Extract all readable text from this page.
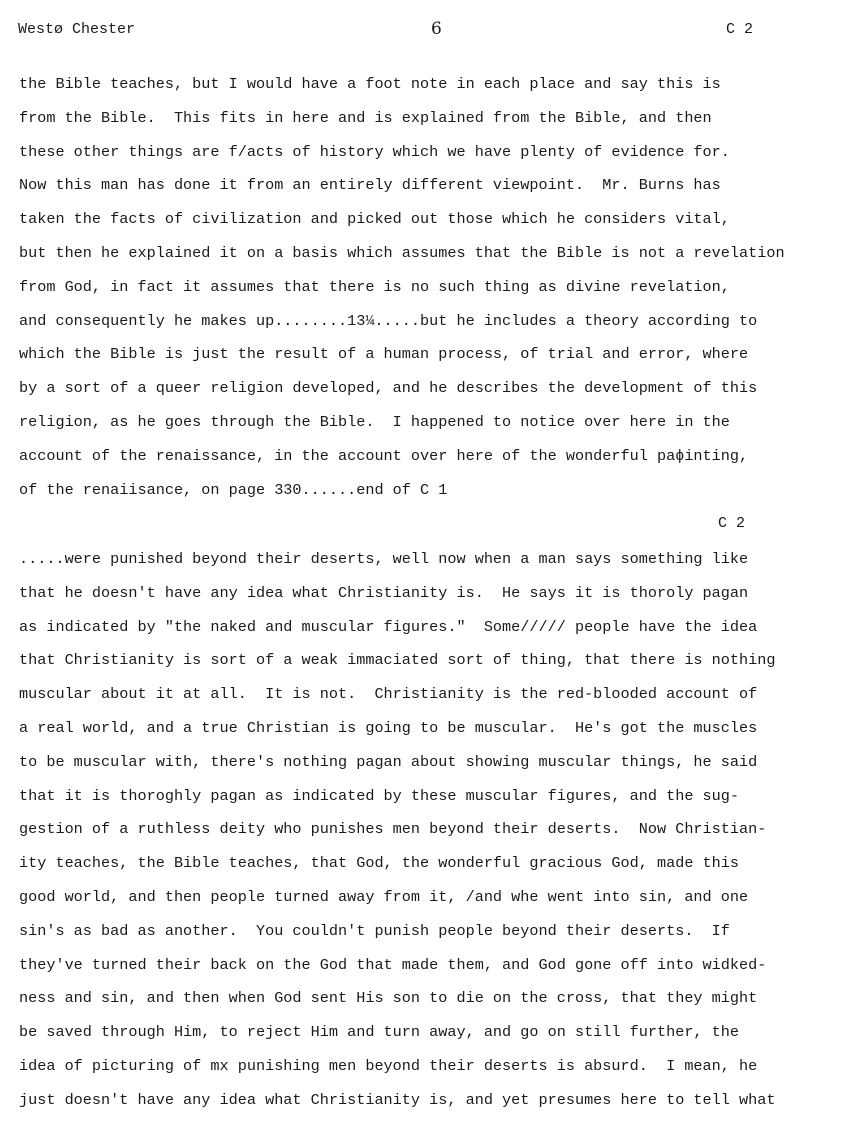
Westø Chester	6	C 2
the Bible teaches, but I would have a foot note in each place and say this is
from the Bible.  This fits in here and is explained from the Bible, and then
these other things are f/acts of history which we have plenty of evidence for.
Now this man has done it from an entirely different viewpoint.  Mr. Burns has
taken the facts of civilization and picked out those which he considers vital,
but then he explained it on a basis which assumes that the Bible is not a revelation
from God, in fact it assumes that there is no such thing as divine revelation,
and consequently he makes up........13¼.....but he includes a theory according to
which the Bible is just the result of a human process, of trial and error, where
by a sort of a queer religion developed, and he describes the development of this
religion, as he goes through the Bible.  I happened to notice over here in the
account of the renaissance, in the account over here of the wonderful paϕinting,
of the renaiisance, on page 330......end of C 1
C 2
.....were punished beyond their deserts, well now when a man says something like
that he doesn't have any idea what Christianity is.  He says it is thoroly pagan
as indicated by "the naked and muscular figures."  Some///// people have the idea
that Christianity is sort of a weak immaciated sort of thing, that there is nothing
muscular about it at all.  It is not.  Christianity is the red-blooded account of
a real world, and a true Christian is going to be muscular.  He's got the muscles
to be muscular with, there's nothing pagan about showing muscular things, he said
that it is thoroghly pagan as indicated by these muscular figures, and the sug-
gestion of a ruthless deity who punishes men beyond their deserts.  Now Christian-
ity teaches, the Bible teaches, that God, the wonderful gracious God, made this
good world, and then people turned away from it, /and whe went into sin, and one
sin's as bad as another.  You couldn't punish people beyond their deserts.  If
they've turned their back on the God that made them, and God gone off into widked-
ness and sin, and then when God sent His son to die on the cross, that they might
be saved through Him, to reject Him and turn away, and go on still further, the
idea of picturing of mx punishing men beyond their deserts is absurd.  I mean, he
just doesn't have any idea what Christianity is, and yet presumes here to tell what
